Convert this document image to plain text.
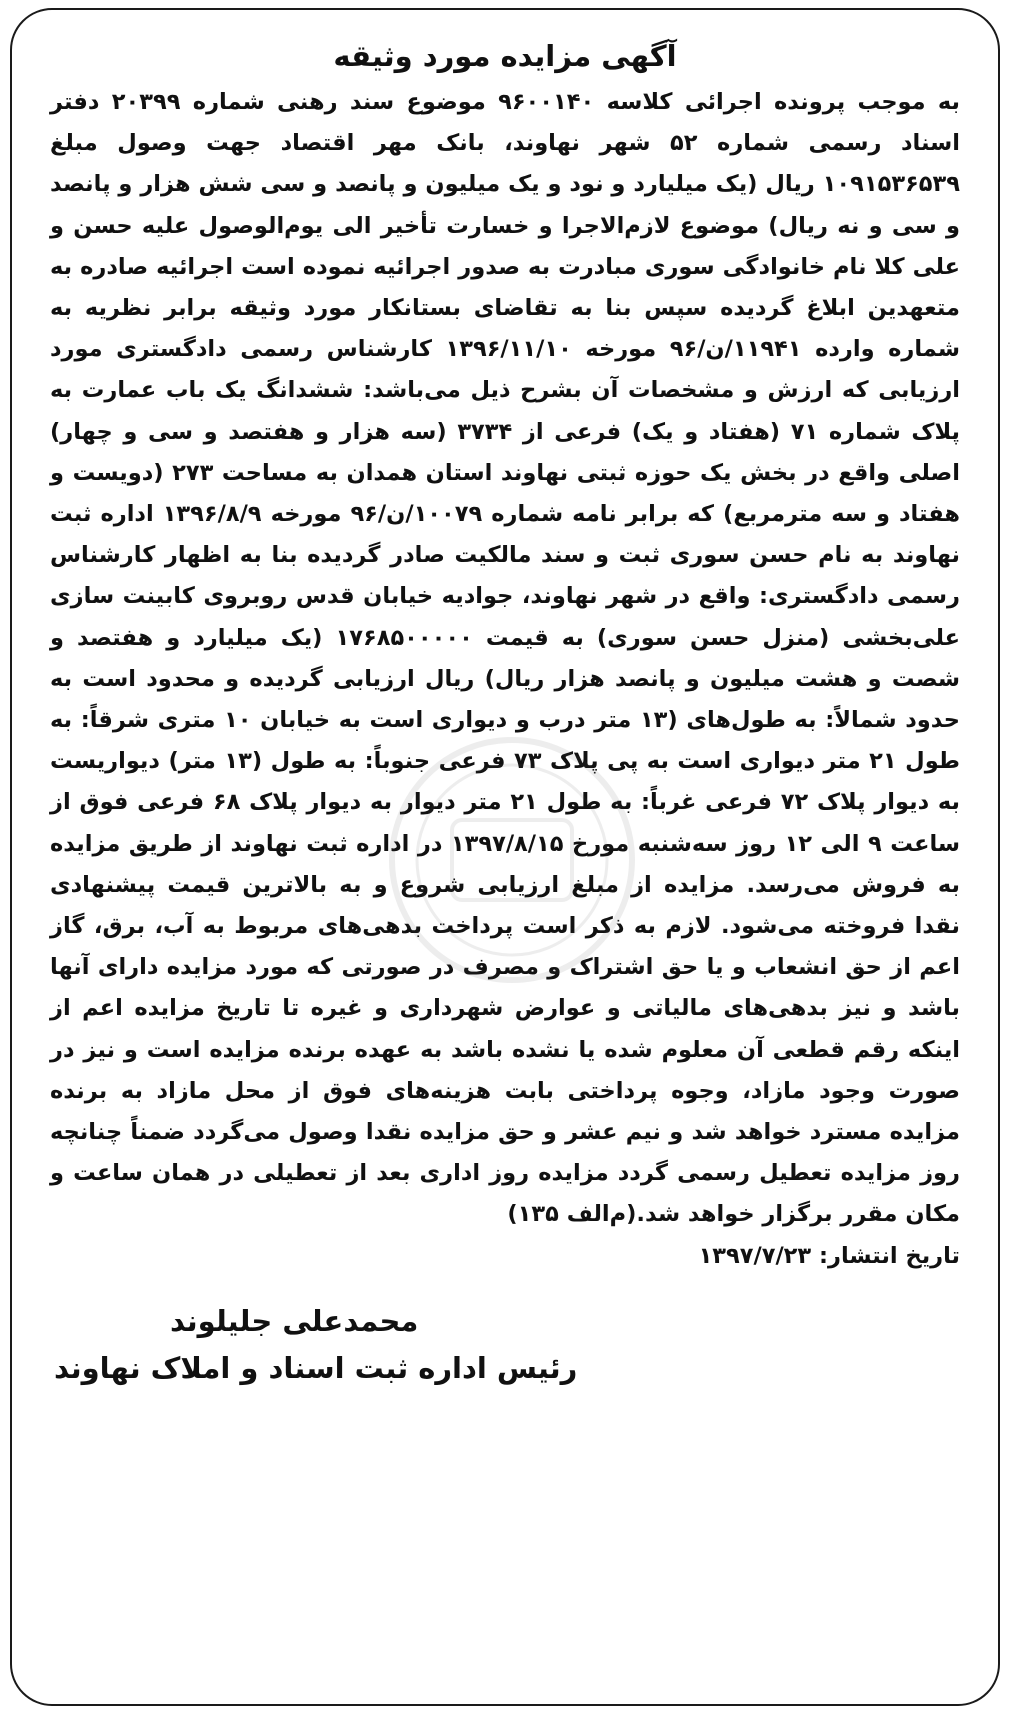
آگهی مزایده مورد وثیقه
به موجب پرونده اجرائی کلاسه ۹۶۰۰۱۴۰ موضوع سند رهنی شماره ۲۰۳۹۹ دفتر اسناد رسمی شماره ۵۲ شهر نهاوند، بانک مهر اقتصاد جهت وصول مبلغ ۱۰۹۱۵۳۶۵۳۹ ریال (یک میلیارد و نود و یک میلیون و پانصد و سی شش هزار و پانصد و سی و نه ریال) موضوع لازم‌الاجرا و خسارت تأخیر الی یوم‌الوصول علیه حسن و علی کلا نام خانوادگی سوری مبادرت به صدور اجرائیه نموده است اجرائیه صادره به متعهدین ابلاغ گردیده سپس بنا به تقاضای بستانکار مورد وثیقه برابر نظریه به شماره وارده ۱۱۹۴۱/ن/۹۶ مورخه ۱۳۹۶/۱۱/۱۰ کارشناس رسمی دادگستری مورد ارزیابی که ارزش و مشخصات آن بشرح ذیل می‌باشد: ششدانگ یک باب عمارت به پلاک شماره ۷۱ (هفتاد و یک) فرعی از ۳۷۳۴ (سه هزار و هفتصد و سی و چهار) اصلی واقع در بخش یک حوزه ثبتی نهاوند استان همدان به مساحت ۲۷۳ (دویست و هفتاد و سه مترمربع) که برابر نامه شماره ۱۰۰۷۹/ن/۹۶ مورخه ۱۳۹۶/۸/۹ اداره ثبت نهاوند به نام حسن سوری ثبت و سند مالکیت صادر گردیده بنا به اظهار کارشناس رسمی دادگستری: واقع در شهر نهاوند، جوادیه خیابان قدس روبروی کابینت سازی علی‌بخشی (منزل حسن سوری) به قیمت ۱۷۶۸۵۰۰۰۰۰ (یک میلیارد و هفتصد و شصت و هشت میلیون و پانصد هزار ریال) ریال ارزیابی گردیده و محدود است به حدود شمالاً: به طول‌های (۱۳ متر درب و دیواری است به خیابان ۱۰ متری شرقاً: به طول ۲۱ متر دیواری است به پی پلاک ۷۳ فرعی جنوباً: به طول (۱۳ متر) دیواریست به دیوار پلاک ۷۲ فرعی غرباً: به طول ۲۱ متر دیوار به دیوار پلاک ۶۸ فرعی فوق از ساعت ۹ الی ۱۲ روز سه‌شنبه مورخ ۱۳۹۷/۸/۱۵ در اداره ثبت نهاوند از طریق مزایده به فروش می‌رسد. مزایده از مبلغ ارزیابی شروع و به بالاترین قیمت پیشنهادی نقدا فروخته می‌شود. لازم به ذکر است پرداخت بدهی‌های مربوط به آب، برق، گاز اعم از حق انشعاب و یا حق اشتراک و مصرف در صورتی که مورد مزایده دارای آنها باشد و نیز بدهی‌های مالیاتی و عوارض شهرداری و غیره تا تاریخ مزایده اعم از اینکه رقم قطعی آن معلوم شده یا نشده باشد به عهده برنده مزایده است و نیز در صورت وجود مازاد، وجوه پرداختی بابت هزینه‌های فوق از محل مازاد به برنده مزایده مسترد خواهد شد و نیم عشر و حق مزایده نقدا وصول می‌گردد ضمناً چنانچه روز مزایده تعطیل رسمی گردد مزایده روز اداری بعد از تعطیلی در همان ساعت و مکان مقرر برگزار خواهد شد.(م‌الف ۱۳۵)
تاریخ انتشار: ۱۳۹۷/۷/۲۳
محمدعلی جلیلوند
رئیس اداره ثبت اسناد و املاک نهاوند
